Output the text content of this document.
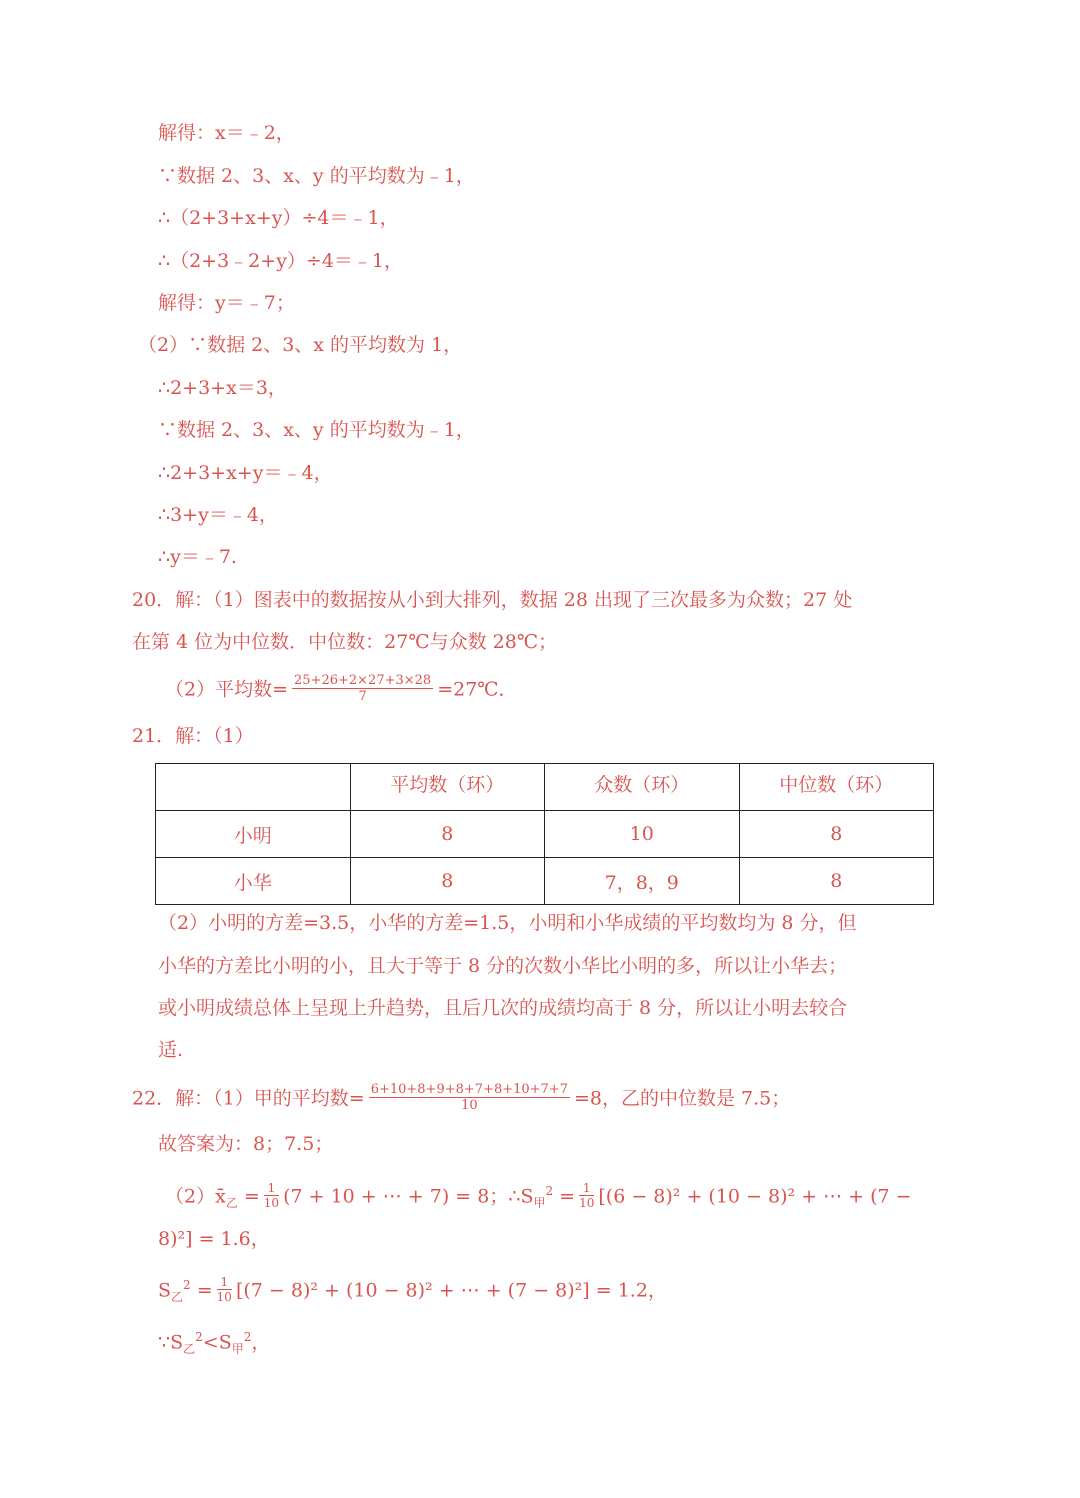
解得：x＝﹣2，
∵数据 2、3、x、y 的平均数为﹣1，
∴（2+3+x+y）÷4＝﹣1，
∴（2+3﹣2+y）÷4＝﹣1，
解得：y＝﹣7；
（2）∵数据 2、3、x 的平均数为 1，
∴2+3+x＝3，
∵数据 2、3、x、y 的平均数为﹣1，
∴2+3+x+y＝﹣4，
∴3+y＝﹣4，
∴y＝﹣7.
20．解：（1）图表中的数据按从小到大排列，数据 28 出现了三次最多为众数；27 处
在第 4 位为中位数．中位数：27℃与众数 28℃；
（2）平均数= $\frac{25+26+2\times 27+3\times 28}{7}$ =27℃．
21．解：（1）
	平均数（环）	众数（环）	中位数（环）
小明	8	10	8
小华	8	7，8，9	8
（2）小明的方差=3.5，小华的方差=1.5，小明和小华成绩的平均数均为 8 分，但
小华的方差比小明的小，且大于等于 8 分的次数小华比小明的多，所以让小华去；
或小明成绩总体上呈现上升趋势，且后几次的成绩均高于 8 分，所以让小明去较合
适.
22．解：（1）甲的平均数= $\frac{6+10+8+9+8+7+8+10+7+7}{10} =8$，乙的中位数是 7.5；
故答案为：8；7.5；
$(2)x̄_乙 = \frac{1}{10} (7 + 10$ + ⋯ + 7) = 8；$\therefore S_甲^2 = \frac{1}{10} [(6 - 8)^2 + (10 - 8)^2$ + ⋯ + (7 −
8)²] = 1.6，
$S_乙^2 = \frac{1}{10} [(7 - 8)^2 + (10 - 8)^2$ + ⋯ + (7 − 8)²] = 1.2，
$\because S_乙^2<S_甲^2$，
